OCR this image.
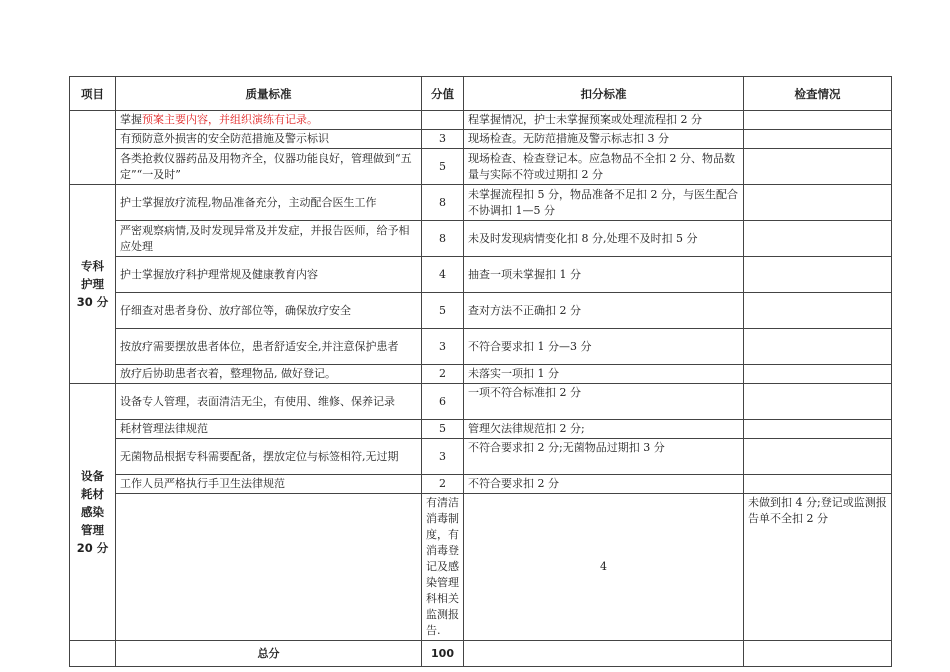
项目	质量标准	分值	扣分标准	检查情况	
	掌握预案主要内容，并组织演练有记录。		程掌握情况，护士未掌握预案或处理流程扣 2 分		
	有预防意外损害的安全防范措施及警示标识	3	现场检查。无防范措施及警示标志扣 3 分		
	各类抢救仪器药品及用物齐全，仪器功能良好，管理做到“五定”“一及时”	5	现场检查、检查登记本。应急物品不全扣 2 分、物品数量与实际不符或过期扣 2 分		

专科
护理
30 分	护士掌握放疗流程,物品准备充分，主动配合医生工作	8	未掌握流程扣 5 分，物品准备不足扣 2 分，与医生配合不协调扣 1—5 分		
	严密观察病情,及时发现异常及并发症，并报告医师，给予相应处理	8	未及时发现病情变化扣 8 分,处理不及时扣 5 分		
	护士掌握放疗科护理常规及健康教育内容	4	抽查一项未掌握扣 1 分		
	仔细查对患者身份、放疗部位等，确保放疗安全	5	查对方法不正确扣 2 分		
	按放疗需要摆放患者体位，患者舒适安全,并注意保护患者	3	不符合要求扣 1 分—3 分		
	放疗后协助患者衣着，整理物品, 做好登记。	2	未落实一项扣 1 分		

设备
耗材
感染
管理
20 分	设备专人管理，表面清洁无尘，有使用、维修、保养记录	6	一项不符合标准扣 2 分		
	耗材管理法律规范	5	管理欠法律规范扣 2 分;		
	无菌物品根据专科需要配备，摆放定位与标签相符,无过期	3	不符合要求扣 2 分;无菌物品过期扣 3 分		
	工作人员严格执行手卫生法律规范	2	不符合要求扣 2 分		
		有清洁消毒制度，有消毒登记及感染管理科相关监测报告.	4	未做到扣 4 分;登记或监测报告单不全扣 2 分	
	总分	100			
